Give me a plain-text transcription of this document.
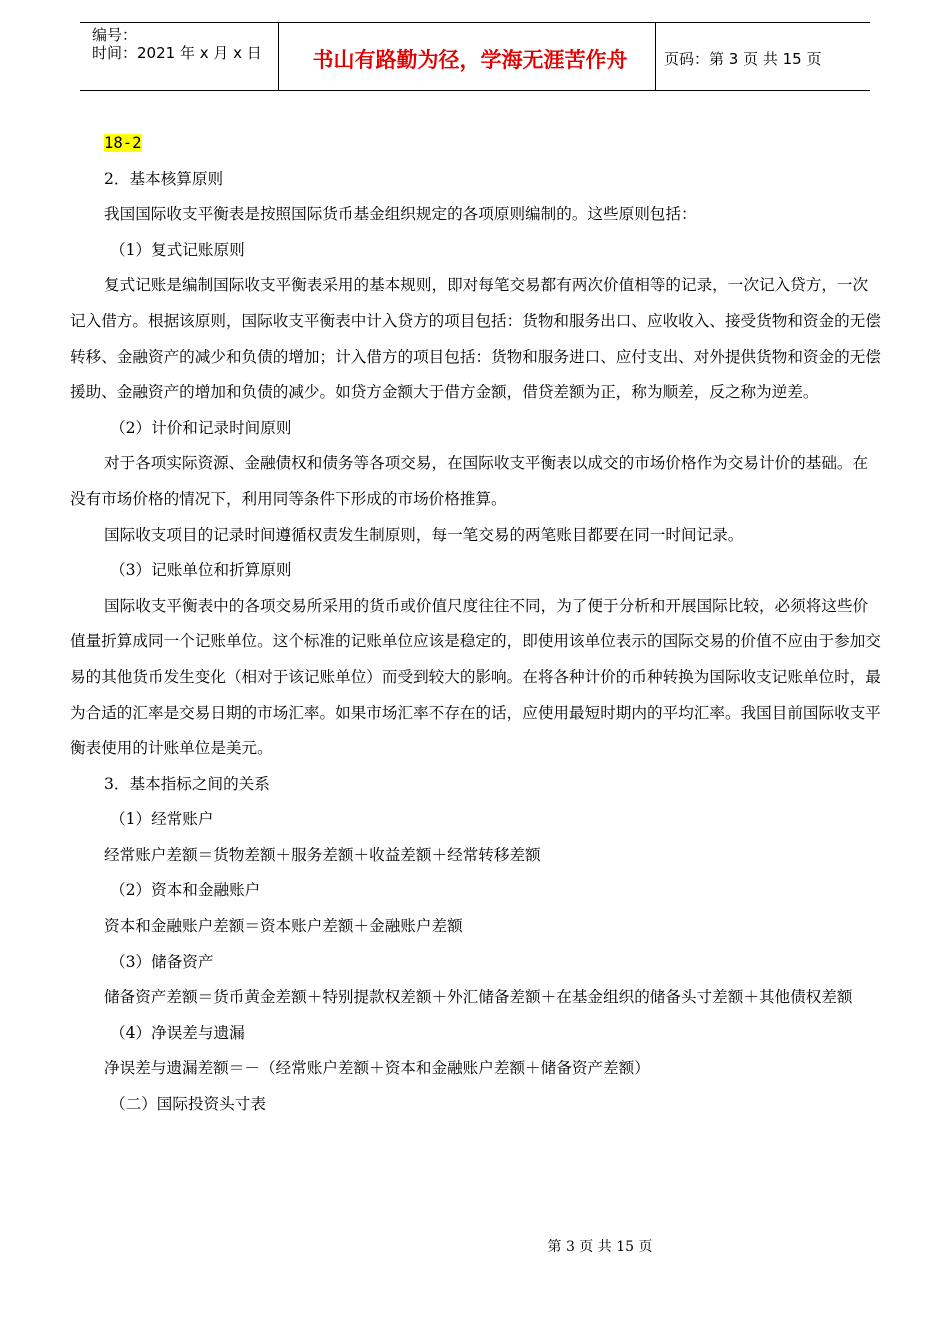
编号：
时间：2021 年 x 月 x 日	书山有路勤为径，学海无涯苦作舟	页码：第 3 页 共 15 页

18-2

2．基本核算原则

我国国际收支平衡表是按照国际货币基金组织规定的各项原则编制的。这些原则包括：

（1）复式记账原则

复式记账是编制国际收支平衡表采用的基本规则，即对每笔交易都有两次价值相等的记录，一次记入贷方，一次记入借方。根据该原则，国际收支平衡表中计入贷方的项目包括：货物和服务出口、应收收入、接受货物和资金的无偿转移、金融资产的减少和负债的增加；计入借方的项目包括：货物和服务进口、应付支出、对外提供货物和资金的无偿援助、金融资产的增加和负债的减少。如贷方金额大于借方金额，借贷差额为正，称为顺差，反之称为逆差。

（2）计价和记录时间原则

对于各项实际资源、金融债权和债务等各项交易，在国际收支平衡表以成交的市场价格作为交易计价的基础。在没有市场价格的情况下，利用同等条件下形成的市场价格推算。

国际收支项目的记录时间遵循权责发生制原则，每一笔交易的两笔账目都要在同一时间记录。

（3）记账单位和折算原则

国际收支平衡表中的各项交易所采用的货币或价值尺度往往不同，为了便于分析和开展国际比较，必须将这些价值量折算成同一个记账单位。这个标准的记账单位应该是稳定的，即使用该单位表示的国际交易的价值不应由于参加交易的其他货币发生变化（相对于该记账单位）而受到较大的影响。在将各种计价的币种转换为国际收支记账单位时，最为合适的汇率是交易日期的市场汇率。如果市场汇率不存在的话，应使用最短时期内的平均汇率。我国目前国际收支平衡表使用的计账单位是美元。

3．基本指标之间的关系

（1）经常账户

经常账户差额＝货物差额＋服务差额＋收益差额＋经常转移差额

（2）资本和金融账户

资本和金融账户差额＝资本账户差额＋金融账户差额

（3）储备资产

储备资产差额＝货币黄金差额＋特别提款权差额＋外汇储备差额＋在基金组织的储备头寸差额＋其他债权差额

（4）净误差与遗漏

净误差与遗漏差额＝－（经常账户差额＋资本和金融账户差额＋储备资产差额）

（二）国际投资头寸表

第 3 页 共 15 页
